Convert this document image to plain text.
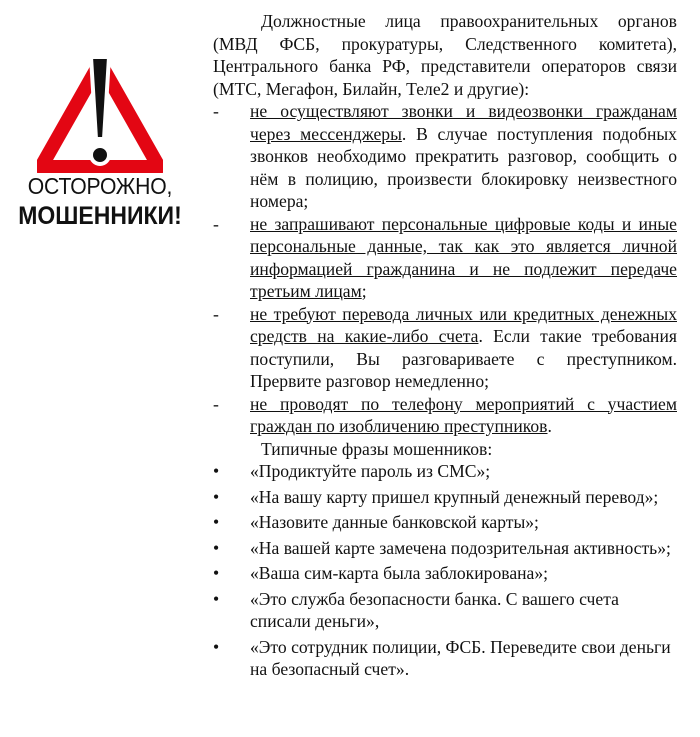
ОСТОРОЖНО,
МОШЕННИКИ!

Должностные лица правоохранительных органов (МВД ФСБ, прокуратуры, Следственного комитета), Центрального банка РФ, представители операторов связи (МТС, Мегафон, Билайн, Теле2 и другие):

-	не осуществляют звонки и видеозвонки гражданам через мессенджеры. В случае поступления подобных звонков необходимо прекратить разговор, сообщить о нём в полицию, произвести блокировку неизвестного номера;
-	не запрашивают персональные цифровые коды и иные персональные данные, так как это является личной информацией гражданина и не подлежит передаче третьим лицам;
-	не требуют перевода личных или кредитных денежных средств на какие-либо счета. Если такие требования поступили, Вы разговариваете с преступником. Прервите разговор немедленно;
-	не проводят по телефону мероприятий с участием граждан по изобличению преступников.

Типичные фразы мошенников:

•	«Продиктуйте пароль из СМС»;
•	«На вашу карту пришел крупный денежный перевод»;
•	«Назовите данные банковской карты»;
•	«На вашей карте замечена подозрительная активность»;
•	«Ваша сим-карта была заблокирована»;
•	«Это служба безопасности банка. С вашего счета списали деньги»,
•	«Это сотрудник полиции, ФСБ. Переведите свои деньги на безопасный счет».
